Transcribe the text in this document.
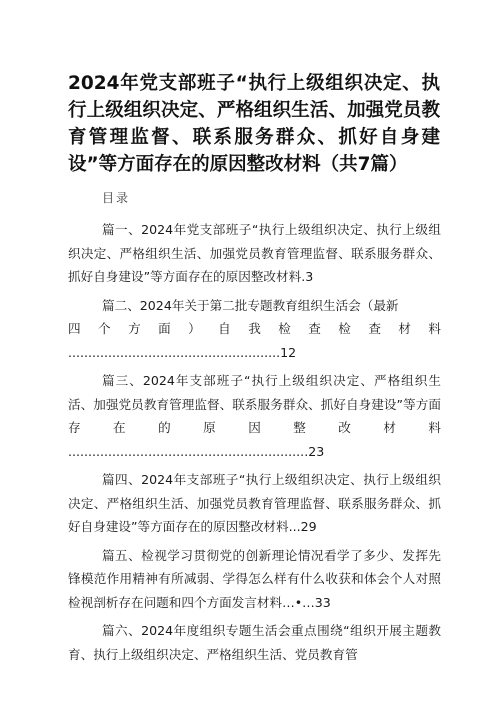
2024年党支部班子“执行上级组织决定、执行上级组织决定、严格组织生活、加强党员教育管理监督、联系服务群众、抓好自身建设”等方面存在的原因整改材料（共7篇）

目录

篇一、2024年党支部班子“执行上级组织决定、执行上级组织决定、严格组织生活、加强党员教育管理监督、联系服务群众、抓好自身建设”等方面存在的原因整改材料.3

篇二、2024年关于第二批专题教育组织生活会（最新
四个方面）自我检查检查材料 .....................................................12

篇三、2024年支部班子“执行上级组织决定、严格组织生活、加强党员教育管理监督、联系服务群众、抓好自身建设”等方面存在的原因整改材料 ............................................................23

篇四、2024年支部班子“执行上级组织决定、执行上级组织决定、严格组织生活、加强党员教育管理监督、联系服务群众、抓好自身建设”等方面存在的原因整改材料...29

篇五、检视学习贯彻党的创新理论情况看学了多少、发挥先锋模范作用精神有所减弱、学得怎么样有什么收获和体会个人对照检视剖析存在问题和四个方面发言材料…•…33

篇六、2024年度组织专题生活会重点围绕“组织开展主题教育、执行上级组织决定、严格组织生活、党员教育管
